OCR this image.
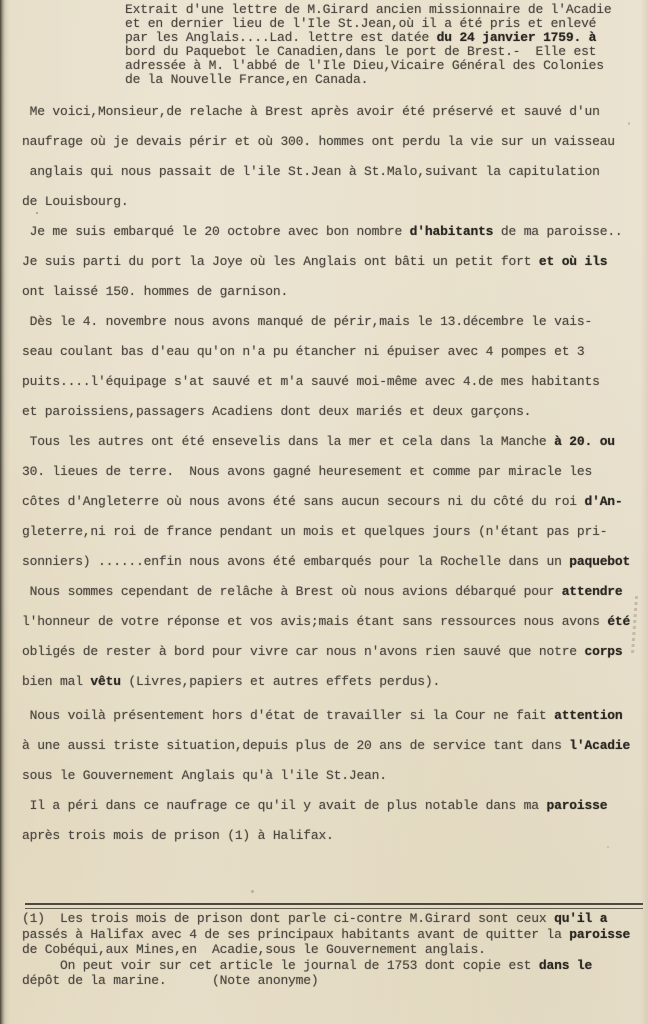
Extrait d'une lettre de M.Girard ancien missionnaire de l'Acadie
et en dernier lieu de l'Ile St.Jean,où il a été pris et enlevé
par les Anglais....Lad. lettre est datée du 24 janvier 1759. à
bord du Paquebot le Canadien,dans le port de Brest.-  Elle est
adressée à M. l'abbé de l'Ile Dieu,Vicaire Général des Colonies
de la Nouvelle France,en Canada.
Me voici,Monsieur,de relache à Brest après avoir été préservé et sauvé d'un
naufrage où je devais périr et où 300. hommes ont perdu la vie sur un vaisseau
anglais qui nous passait de l'ile St.Jean à St.Malo,suivant la capitulation
de Louisbourg.
Je me suis embarqué le 20 octobre avec bon nombre d'habitants de ma paroisse..
Je suis parti du port la Joye où les Anglais ont bâti un petit fort et où ils
ont laissé 150. hommes de garnison.
Dès le 4. novembre nous avons manqué de périr,mais le 13.décembre le vais-
seau coulant bas d'eau qu'on n'a pu étancher ni épuiser avec 4 pompes et 3
puits....l'équipage s'at sauvé et m'a sauvé moi-même avec 4.de mes habitants
et paroissiens,passagers Acadiens dont deux mariés et deux garçons.
Tous les autres ont été ensevelis dans la mer et cela dans la Manche à 20. ou
30. lieues de terre.  Nous avons gagné heuresement et comme par miracle les
côtes d'Angleterre où nous avons été sans aucun secours ni du côté du roi d'An-
gleterre,ni roi de france pendant un mois et quelques jours (n'étant pas pri-
sonniers) ......enfin nous avons été embarqués pour la Rochelle dans un paquebot
Nous sommes cependant de relâche à Brest où nous avions débarqué pour attendre
l'honneur de votre réponse et vos avis;mais étant sans ressources nous avons été
obligés de rester à bord pour vivre car nous n'avons rien sauvé que notre corps
bien mal vêtu (Livres,papiers et autres effets perdus).
Nous voilà présentement hors d'état de travailler si la Cour ne fait attention
à une aussi triste situation,depuis plus de 20 ans de service tant dans l'Acadie
sous le Gouvernement Anglais qu'à l'ile St.Jean.
Il a péri dans ce naufrage ce qu'il y avait de plus notable dans ma paroisse
après trois mois de prison (1) à Halifax.
(1)  Les trois mois de prison dont parle ci-contre M.Girard sont ceux qu'il a
passés à Halifax avec 4 de ses principaux habitants avant de quitter la paroisse
de Cobéqui,aux Mines,en  Acadie,sous le Gouvernement anglais.
On peut voir sur cet article le journal de 1753 dont copie est dans le
dépôt de la marine.      (Note anonyme)
